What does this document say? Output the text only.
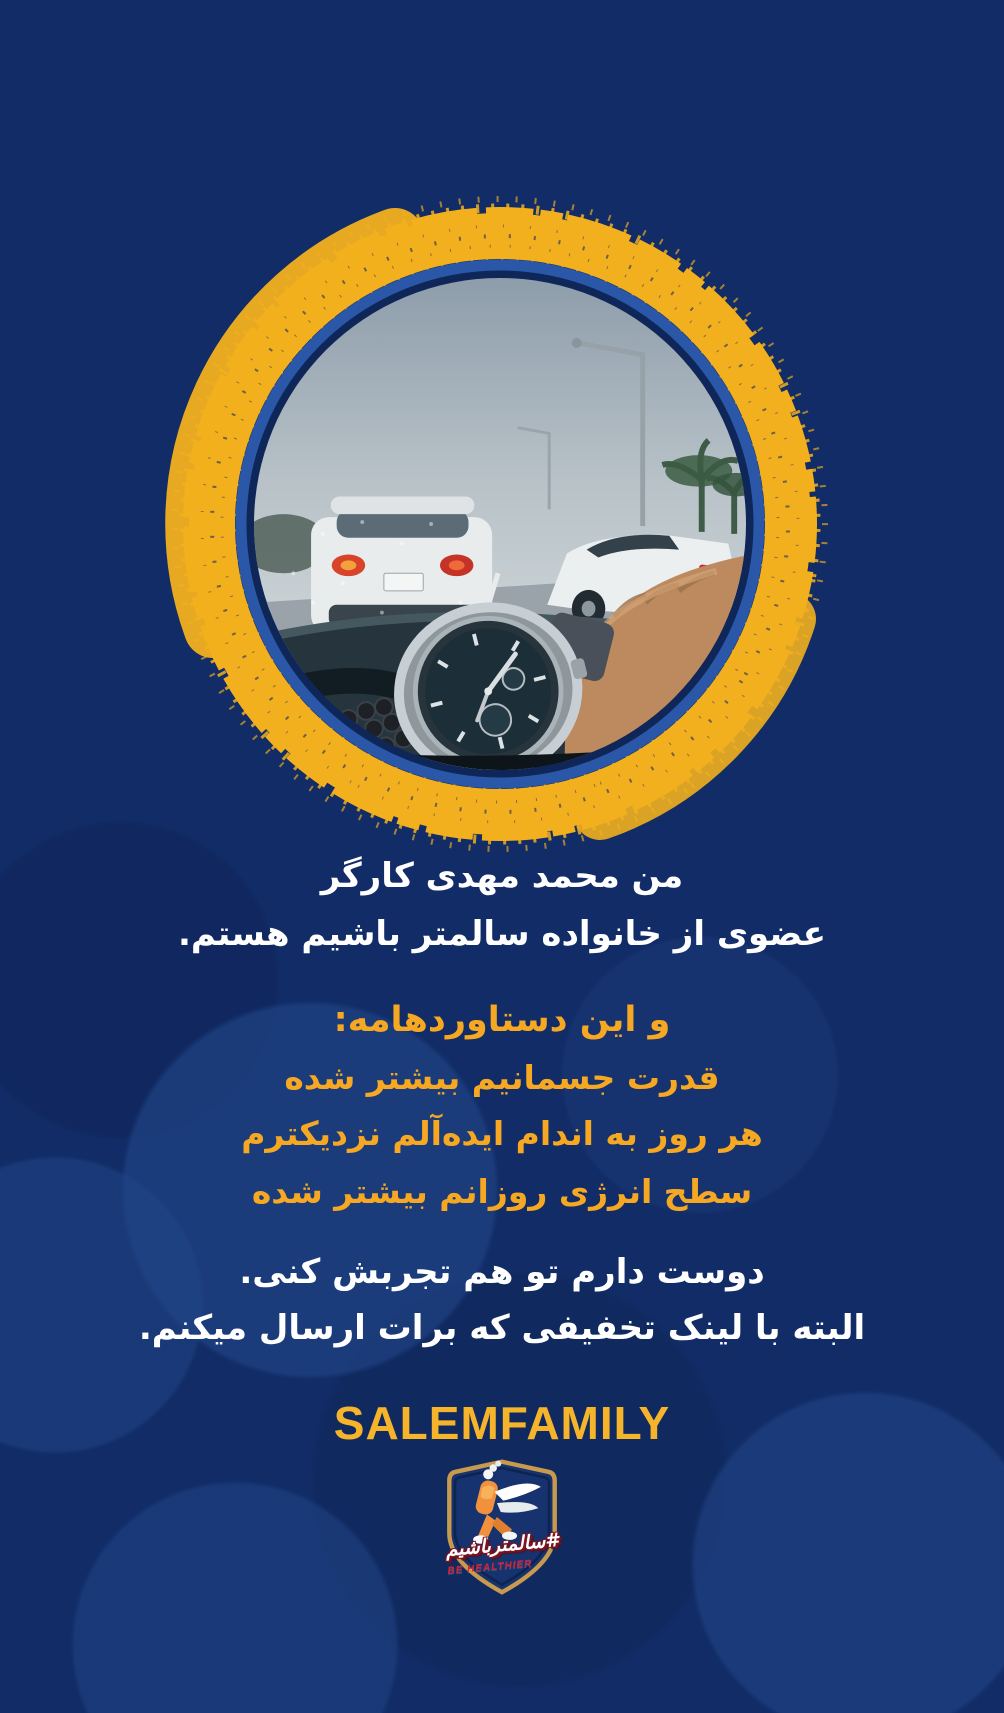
من محمد مهدی کارگر

عضوی از خانواده سالمتر باشیم هستم.

و این دستاوردهامه:

قدرت جسمانیم بیشتر شده

هر روز به اندام ایده‌آلم نزدیکترم

سطح انرژی روزانم بیشتر شده

دوست دارم تو هم تجربش کنی.

البته با لینک تخفیفی که برات ارسال میکنم.

SALEMFAMILY

#سالمترباشیم
BE HEALTHIER
